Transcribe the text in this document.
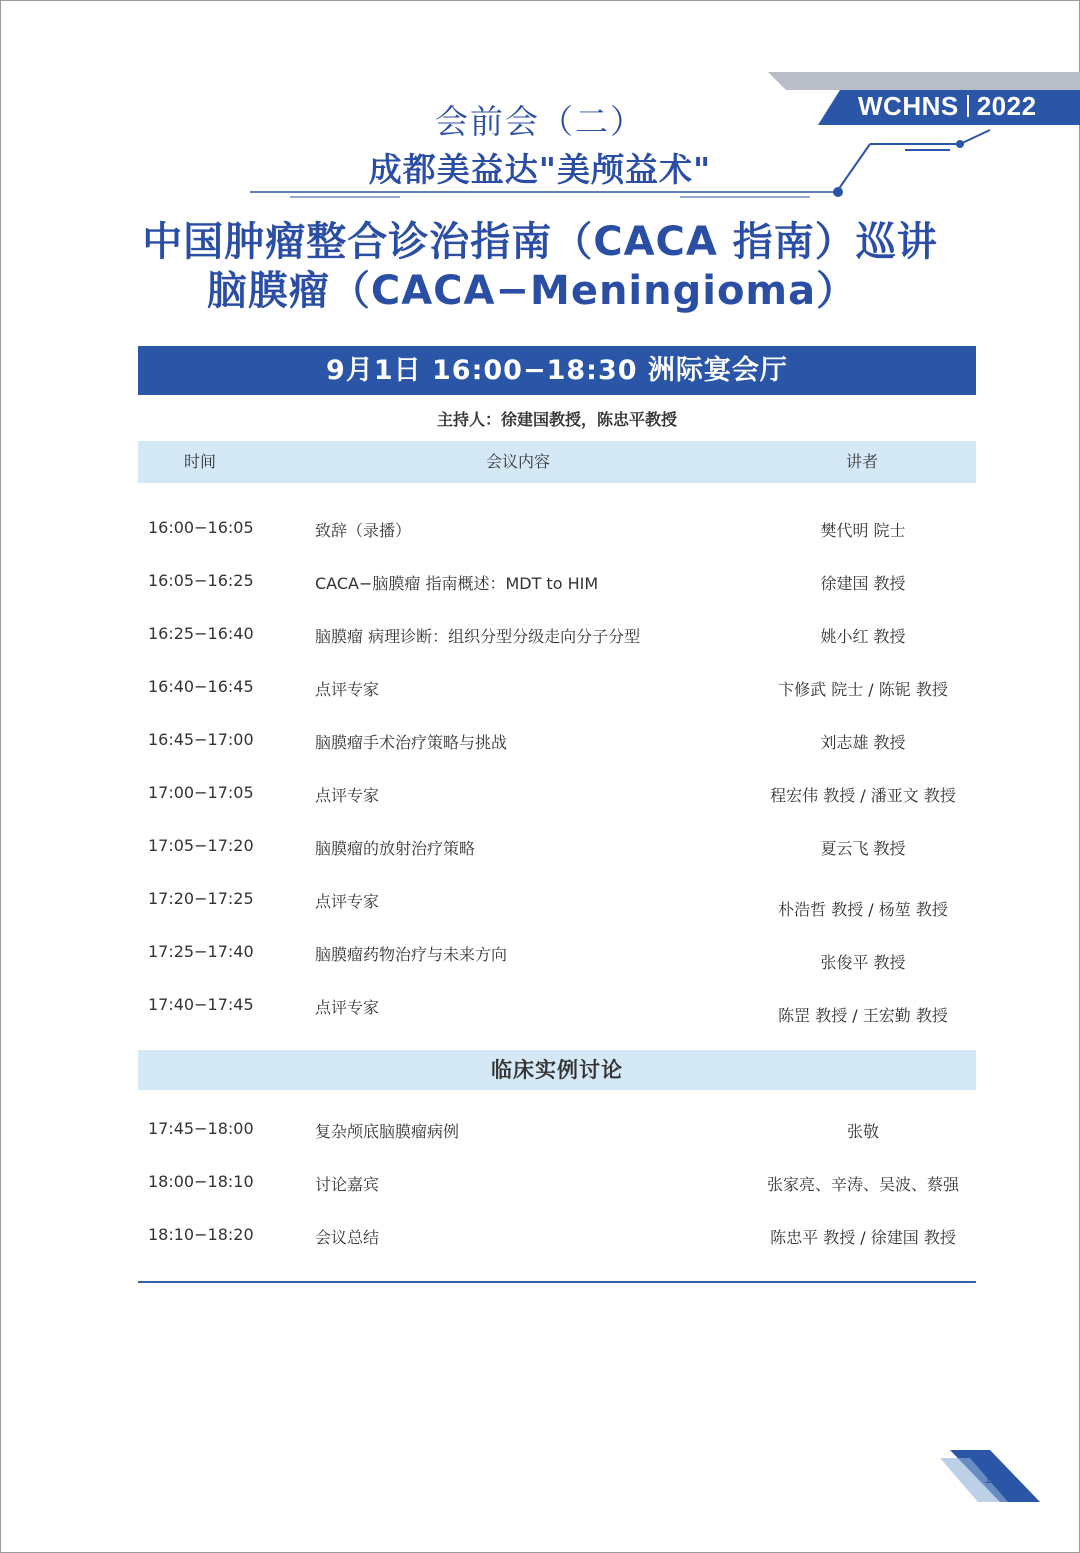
WCHNS 2022
会前会（二）
成都美益达"美颅益术"
中国肿瘤整合诊治指南（CACA 指南）巡讲
脑膜瘤（CACA−Meningioma）
9月1日 16:00−18:30 洲际宴会厅
主持人：徐建国教授，陈忠平教授
时间	会议内容	讲者
16:00−16:05	致辞（录播）	樊代明 院士
16:05−16:25	CACA−脑膜瘤 指南概述：MDT to HIM	徐建国 教授
16:25−16:40	脑膜瘤 病理诊断：组织分型分级走向分子分型	姚小红 教授
16:40−16:45	点评专家	卞修武 院士 / 陈铌 教授
16:45−17:00	脑膜瘤手术治疗策略与挑战	刘志雄 教授
17:00−17:05	点评专家	程宏伟 教授 / 潘亚文 教授
17:05−17:20	脑膜瘤的放射治疗策略	夏云飞 教授
17:20−17:25	点评专家	朴浩哲 教授 / 杨堃 教授
17:25−17:40	脑膜瘤药物治疗与未来方向	张俊平 教授
17:40−17:45	点评专家	陈罡 教授 / 王宏勤 教授
临床实例讨论
17:45−18:00	复杂颅底脑膜瘤病例	张敬
18:00−18:10	讨论嘉宾	张家亮、辛涛、吴波、蔡强
18:10−18:20	会议总结	陈忠平 教授 / 徐建国 教授
13
